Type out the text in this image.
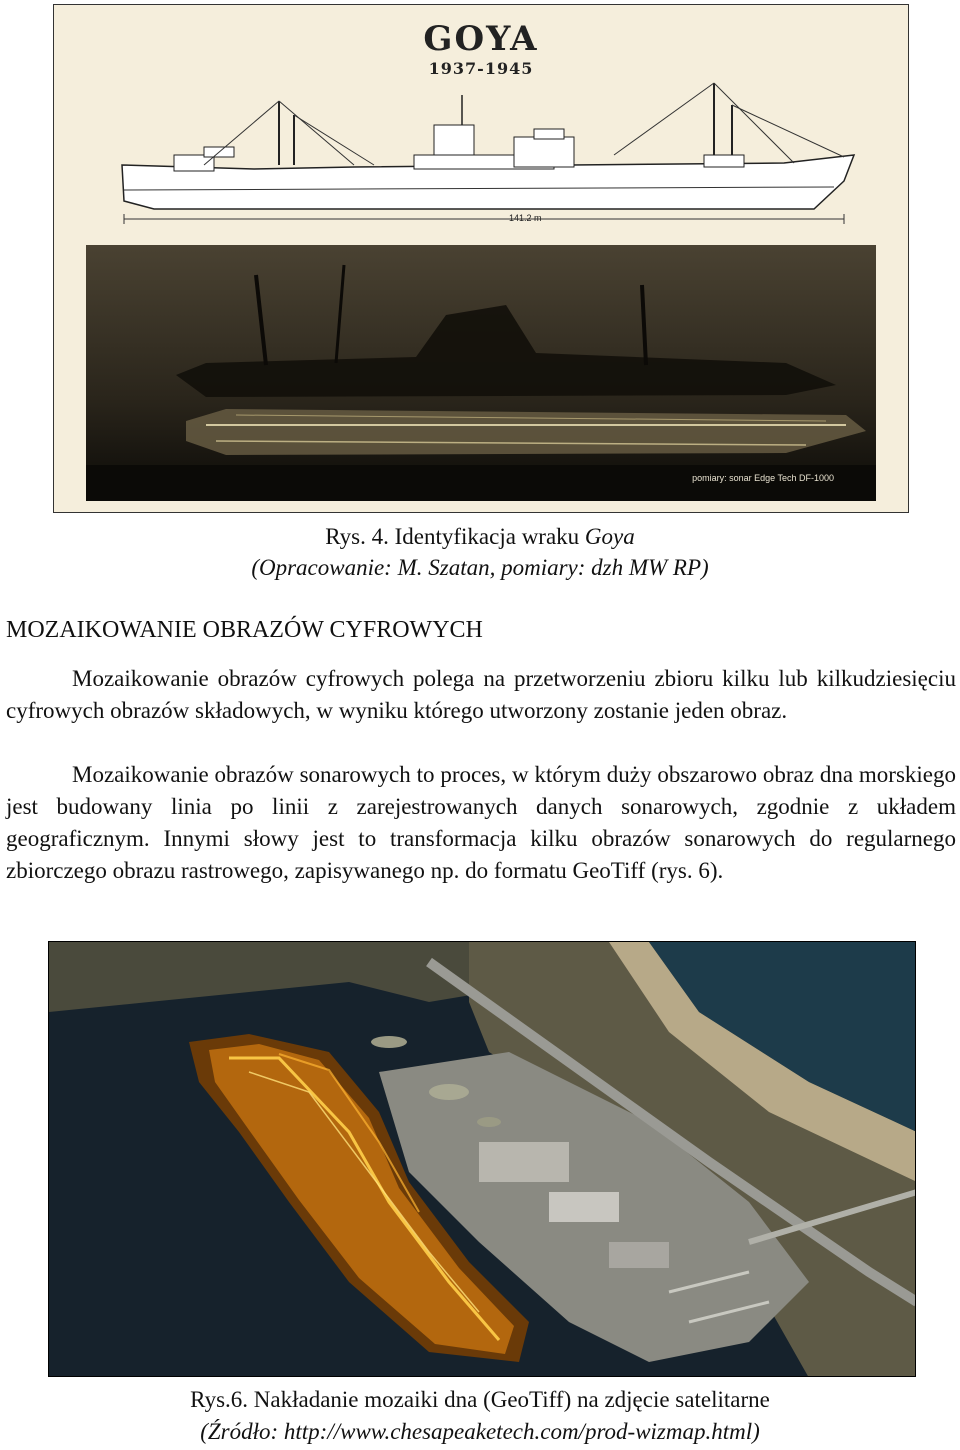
GOYA
1937-1945
141.2 m
pomiary: sonar Edge Tech DF-1000
Rys. 4. Identyfikacja wraku Goya
(Opracowanie: M. Szatan, pomiary: dzh MW RP)
MOZAIKOWANIE OBRAZÓW CYFROWYCH
Mozaikowanie obrazów cyfrowych polega na przetworzeniu zbioru kilku lub kilkudziesięciu cyfrowych obrazów składowych, w wyniku którego utworzony zostanie jeden obraz.
Mozaikowanie obrazów sonarowych to proces, w którym duży obszarowo obraz dna morskiego jest budowany linia po linii z zarejestrowanych danych sonarowych, zgodnie z układem geograficznym. Innymi słowy jest to transformacja kilku obrazów sonarowych do regularnego zbiorczego obrazu rastrowego, zapisywanego np. do formatu GeoTiff (rys. 6).
Rys.6. Nakładanie mozaiki dna (GeoTiff) na zdjęcie satelitarne
(Źródło: http://www.chesapeaketech.com/prod-wizmap.html)
